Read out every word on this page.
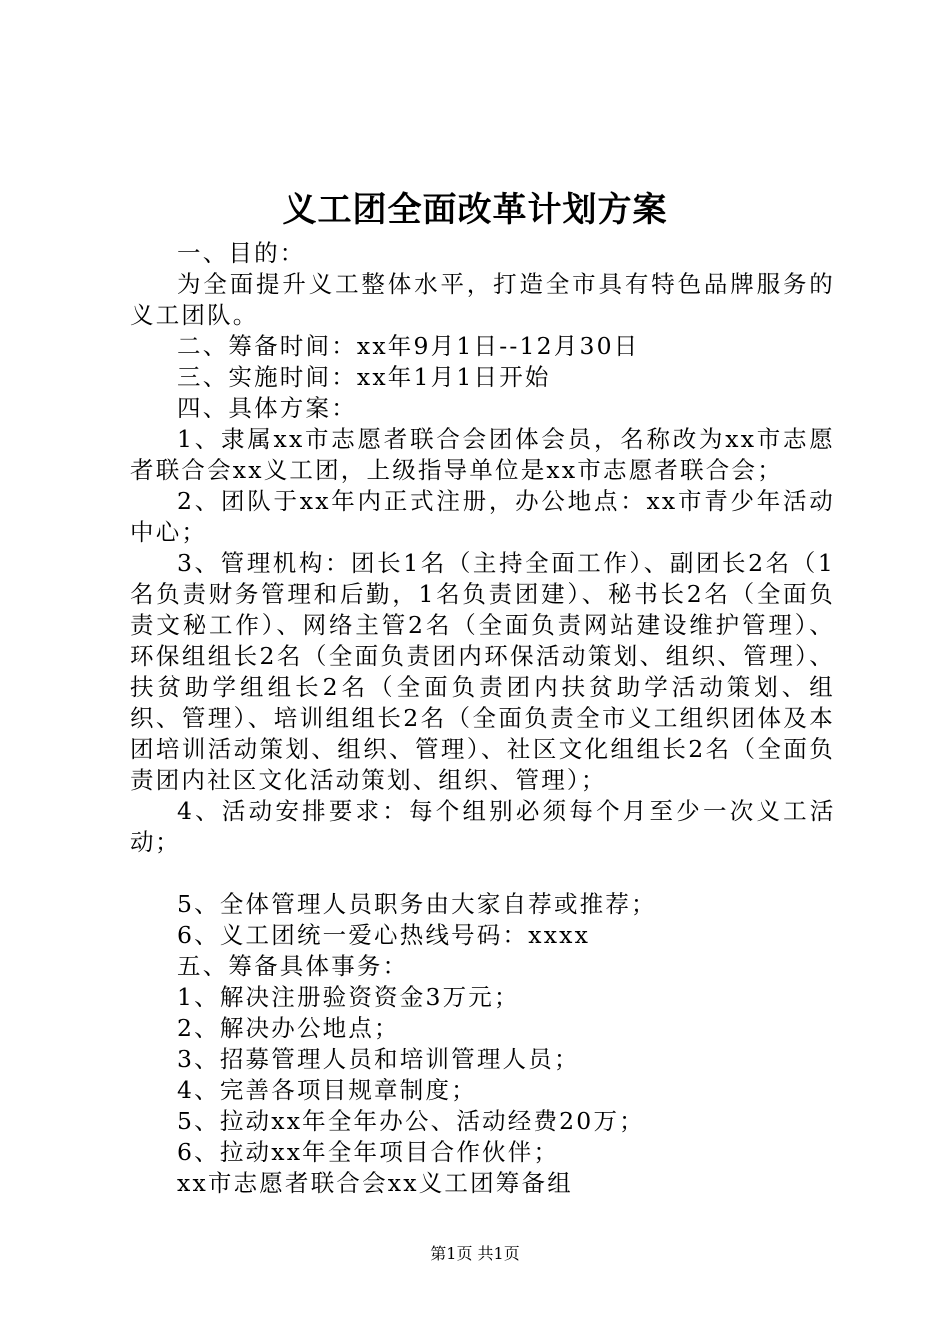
义工团全面改革计划方案

一、目的：

为全面提升义工整体水平，打造全市具有特色品牌服务的义工团队。

二、筹备时间：xx年9月1日--12月30日

三、实施时间：xx年1月1日开始

四、具体方案：

1、隶属xx市志愿者联合会团体会员，名称改为xx市志愿者联合会xx义工团，上级指导单位是xx市志愿者联合会；

2、团队于xx年内正式注册，办公地点：xx市青少年活动中心；

3、管理机构：团长1名（主持全面工作）、副团长2名（1名负责财务管理和后勤，1名负责团建）、秘书长2名（全面负责文秘工作）、网络主管2名（全面负责网站建设维护管理）、环保组组长2名（全面负责团内环保活动策划、组织、管理）、扶贫助学组组长2名（全面负责团内扶贫助学活动策划、组织、管理）、培训组组长2名（全面负责全市义工组织团体及本团培训活动策划、组织、管理）、社区文化组组长2名（全面负责团内社区文化活动策划、组织、管理）；

4、活动安排要求：每个组别必须每个月至少一次义工活动；

5、全体管理人员职务由大家自荐或推荐；

6、义工团统一爱心热线号码：xxxx

五、筹备具体事务：

1、解决注册验资资金3万元；

2、解决办公地点；

3、招募管理人员和培训管理人员；

4、完善各项目规章制度；

5、拉动xx年全年办公、活动经费20万；

6、拉动xx年全年项目合作伙伴；

xx市志愿者联合会xx义工团筹备组

第1页 共1页
